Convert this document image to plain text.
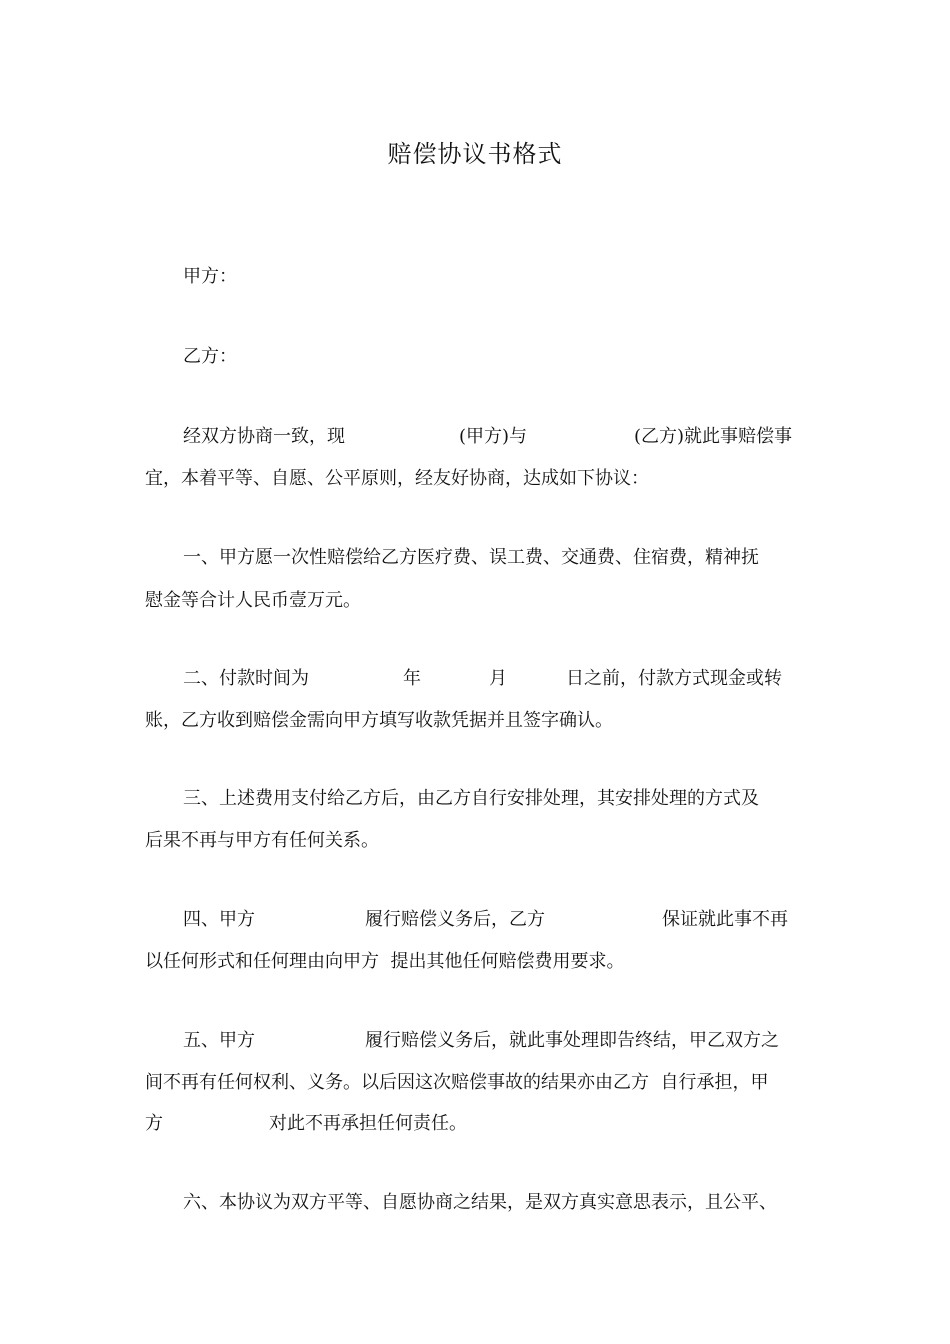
赔偿协议书格式
甲方：
乙方：

经双方协商一致，现

	(甲方)与

	(乙方)就此事赔偿事

宜，本着平等、自愿、公平原则，经友好协商，达成如下协议：
一、甲方愿一次性赔偿给乙方医疗费、误工费、交通费、住宿费，精神抚
慰金等合计人民币壹万元。

二、付款时间为

	年

	月

	日之前，付款方式现金或转

账，乙方收到赔偿金需向甲方填写收款凭据并且签字确认。
三、上述费用支付给乙方后，由乙方自行安排处理，其安排处理的方式及
后果不再与甲方有任何关系。

四、甲方

	履行赔偿义务后，乙方

	保证就此事不再

以任何形式和任何理由向甲方  提出其他任何赔偿费用要求。

五、甲方

	履行赔偿义务后，就此事处理即告终结，甲乙双方之

间不再有任何权利、义务。以后因这次赔偿事故的结果亦由乙方  自行承担，甲

方

	对此不再承担任何责任。

六、本协议为双方平等、自愿协商之结果，是双方真实意思表示，且公平、
